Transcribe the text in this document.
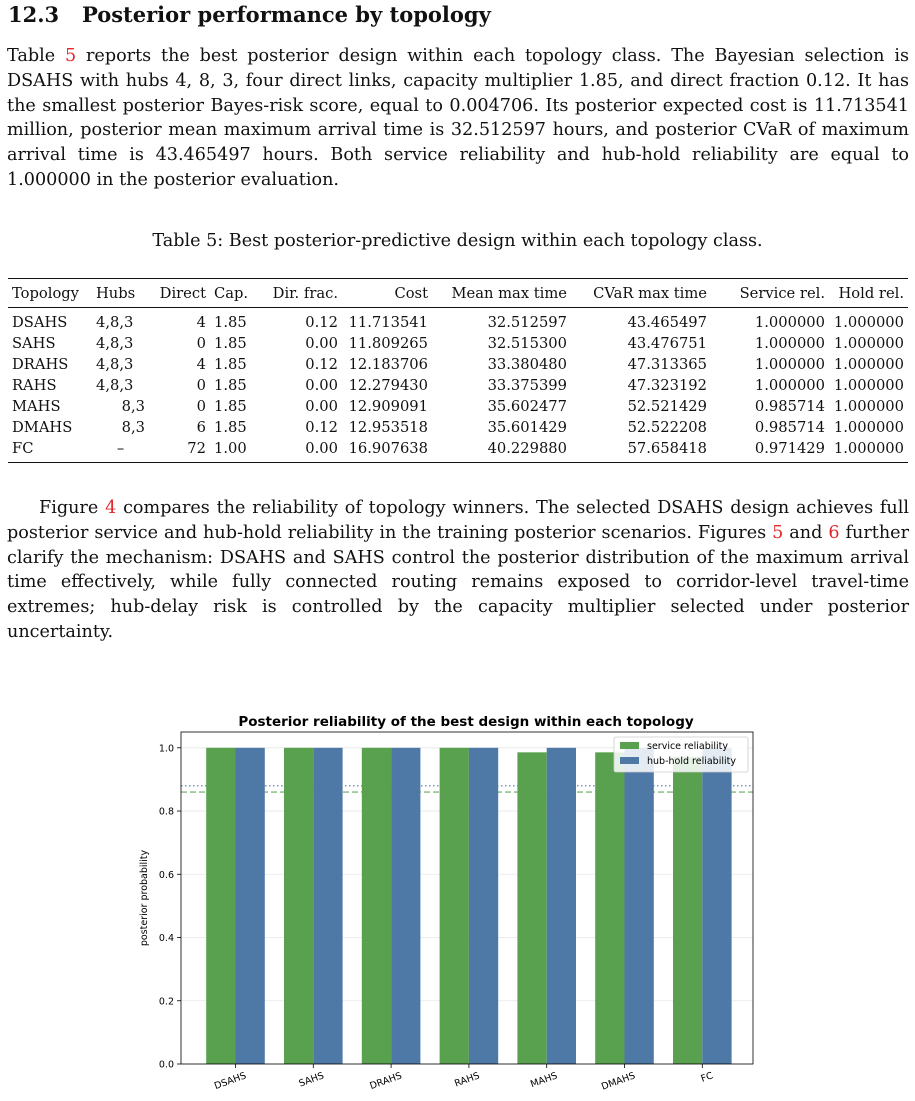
12.3 Posterior performance by topology

Table 5 reports the best posterior design within each topology class. The Bayesian selection is DSAHS with hubs 4, 8, 3, four direct links, capacity multiplier 1.85, and direct fraction 0.12. It has the smallest posterior Bayes-risk score, equal to 0.004706. Its posterior expected cost is 11.713541 million, posterior mean maximum arrival time is 32.512597 hours, and posterior CVaR of maximum arrival time is 43.465497 hours. Both service reliability and hub-hold reliability are equal to 1.000000 in the posterior evaluation.

Table 5: Best posterior-predictive design within each topology class.

Topology	Hubs	Direct	Cap.	Dir. frac.	Cost	Mean max time	CVaR max time	Service rel.	Hold rel.
DSAHS	4,8,3	4	1.85	0.12	11.713541	32.512597	43.465497	1.000000	1.000000
SAHS	4,8,3	0	1.85	0.00	11.809265	32.515300	43.476751	1.000000	1.000000
DRAHS	4,8,3	4	1.85	0.12	12.183706	33.380480	47.313365	1.000000	1.000000
RAHS	4,8,3	0	1.85	0.00	12.279430	33.375399	47.323192	1.000000	1.000000
MAHS	8,3	0	1.85	0.00	12.909091	35.602477	52.521429	0.985714	1.000000
DMAHS	8,3	6	1.85	0.12	12.953518	35.601429	52.522208	0.985714	1.000000
FC	–	72	1.00	0.00	16.907638	40.229880	57.658418	0.971429	1.000000

Figure 4 compares the reliability of topology winners. The selected DSAHS design achieves full posterior service and hub-hold reliability in the training posterior scenarios. Figures 5 and 6 further clarify the mechanism: DSAHS and SAHS control the posterior distribution of the maximum arrival time effectively, while fully connected routing remains exposed to corridor-level travel-time extremes; hub-delay risk is controlled by the capacity multiplier selected under posterior uncertainty.

Posterior reliability of the best design within each topology
0.0
0.2
0.4
0.6
0.8
1.0
DSAHS	SAHS	DRAHS	RAHS	MAHS	DMAHS	FC
posterior probability
service reliability
hub-hold reliability
